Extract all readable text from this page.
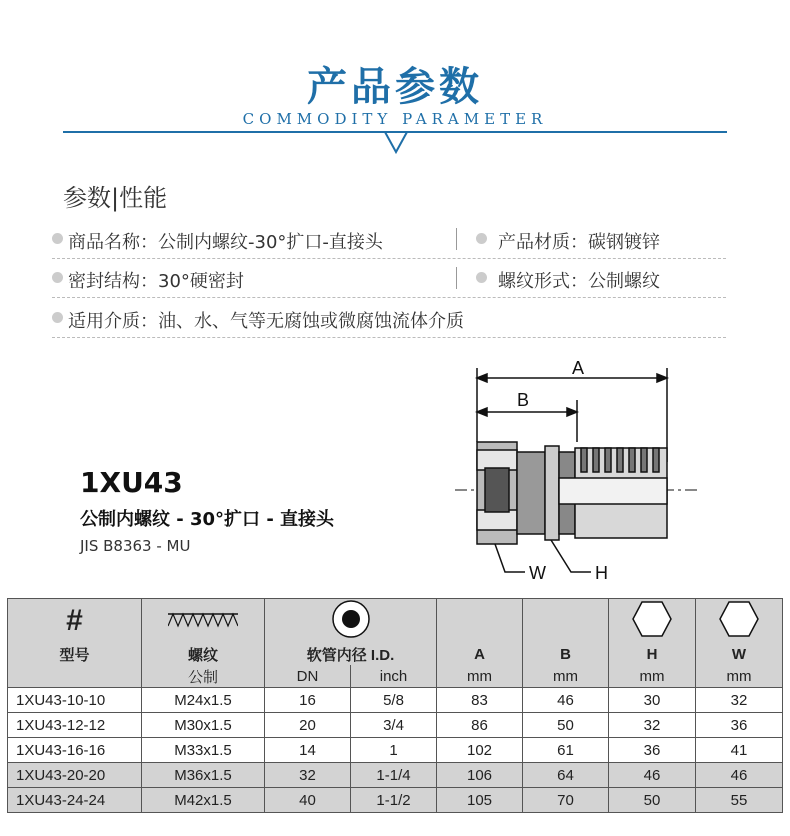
产品参数
COMMODITY PARAMETER
参数|性能
商品名称：公制内螺纹-30°扩口-直接头	产品材质：碳钢镀锌
密封结构：30°硬密封	螺纹形式：公制螺纹
适用介质：油、水、气等无腐蚀或微腐蚀流体介质
1XU43
公制内螺纹 - 30°扩口 - 直接头
JIS B8363 - MU
A
B
W	H
#						
型号	螺纹	软管内径 I.D.		A	B	H	W
	公制	DN	inch	mm	mm	mm	mm
1XU43-10-10	M24x1.5	16	5/8	83	46	30	32
1XU43-12-12	M30x1.5	20	3/4	86	50	32	36
1XU43-16-16	M33x1.5	14	1	102	61	36	41
1XU43-20-20	M36x1.5	32	1-1/4	106	64	46	46
1XU43-24-24	M42x1.5	40	1-1/2	105	70	50	55
